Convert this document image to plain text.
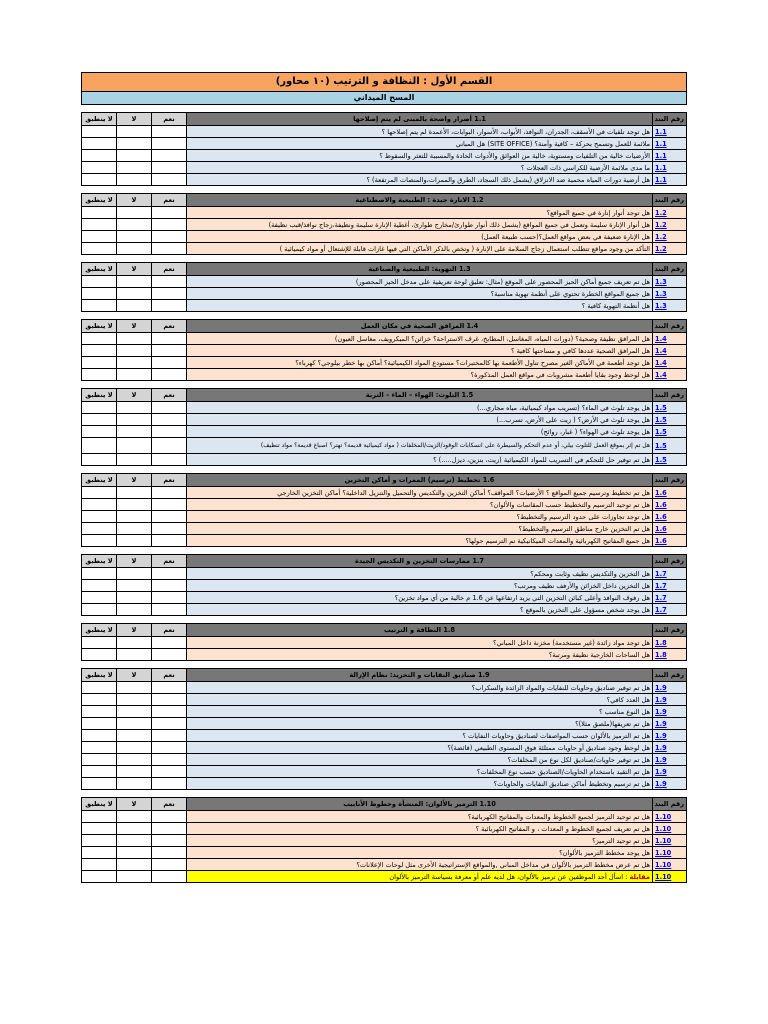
القسم الأول : النظافة و الترتيب (١٠ محاور)
المسح الميداني
لا ينطبق	لا	نعم	1.1 أضرار واضحة بالمبنى لم يتم إصلاحها	رقم البند
			هل توجد تلفيات في الأسقف، الجدران، النوافذ، الأبواب، الأسوار، البوابات، الأعمدة لم يتم إصلاحها ؟	1.1
			ملائمة للعمل وتسمح بحركة – كافية وآمنة؟ (SITE OFFICE) هل المباني	1.1
			الأرضيات خالية من التلفيات ومستوية، خالية من العوائق والأدوات الحادة والمسببة للتعثر والسقوط ؟	1.1
			ما مدى ملائمة الأرضية للكراسي ذات العجلات ؟	1.1
			هل أرضية دورات المياه محمية ضد الانزلاق (يشمل ذلك السجاد، الطرق والممرات،والمنصات المرتفعة) ؟	1.1
لا ينطبق	لا	نعم	1.2 الانارة جيدة : الطبيعية والاصطناعية	رقم البند
			هل توجد أنوار إنارة في جميع المواقع؟	1.2
			هل أنوار الإنارة سليمة وتعمل في جميع المواقع (يشمل ذلك أنوار طوارئ/مخارج طوارئ، أغطية الإنارة سليمة ونظيفة،زجاج نوافذ/قبب نظيفة)	1.2
			هل الإنارة ضعيفة في بعض مواقع العمل؟(حسب طبيعة العمل)	1.2
			التأكد من وجود مواقع تتطلب استعمال زجاج السلامة على الإنارة ( وتخص بالذكر الأماكن التي فيها غازات قابلة للإشتعال أو مواد كيميائية )	1.2
لا ينطبق	لا	نعم	1.3 التهوية: الطبيعية والصناعية	رقم البند
			هل تم تعريف جميع أماكن الحيز المحصور على الموقع (مثال: تعليق لوحة تعريفية على مدخل الحيز المحصور)	1.3
			هل جميع المواقع الخطرة تحتوي على أنظمة تهوية مناسبة؟	1.3
			هل أنظمة التهوية كافية ؟	1.3
لا ينطبق	لا	نعم	1.4 المرافق الصحية في مكان العمل	رقم البند
			هل المرافق نظيفة وصحية؟ (دورات المياه، المغاسل، المطابخ، غرف الاستراحة؟ خزائن؟ الميكرويف، مغاسل العيون)	1.4
			هل المرافق الصحية عددها كافي و مساحتها كافية ؟	1.4
			هل توجد أطعمة في الأماكن الغير مصرح تناول الأطعمة بها كالمختبرات؟ مستودع المواد الكيميائية؟ أماكن بها خطر بيلوجي؟ كهرباء؟	1.4
			هل لوحظ وجود بقايا أطعمة مشروبات في مواقع العمل المذكورة؟	1.4
لا ينطبق	لا	نعم	1.5 التلوث: الهواء – الماء – التربة	رقم البند
			هل يوجد تلوث في الماء؟ (تسريب مواد كيميائية، مياه مجاري...)	1.5
			هل يوجد تلوث في الأرض؟ ( زيت على الأرض، تسرب...)	1.5
			هل يوجد تلوث في الهواء؟ ( غبار، روائح)	1.5
			هل تم إثر بموقع العمل للتلوث بيلي، أو عدم التحكم والسيطرة على انسكابات الوقود/الزيت/المخلفات ( مواد كيميائية قديمة؟ تهتر؟ اصباغ قديمة؟ مواد تنظيف)	1.5
			هل تم توفير حل للتحكم في التسريب للمواد الكيميائية (زيت، بنزين، ديزل.....) ؟	1.5
لا ينطبق	لا	نعم	1.6 تخطيط (ترسيم) الممرات و أماكن التخزين	رقم البند
			هل تم تخطيط وترسيم جميع المواقع ؟ الأرضيات؟ المواقف؟ أماكن التخزين والتكديس والتحميل والتنزيل الداخلية؟ أماكن التخزين الخارجي	1.6
			هل تم توحيد الترسيم والتخطيط حسب المقاسات والألوان؟	1.6
			هل توجد تجاوزات على حدود الترسيم والتخطيط؟	1.6
			هل تم التخزين خارج مناطق الترسيم والتخطيط؟	1.6
			هل جميع المفاتيح الكهربائية والمعدات الميكانيكية تم الترسيم حولها؟	1.6
لا ينطبق	لا	نعم	1.7 ممارسات التخزين و التكديس الجيدة	رقم البند
			هل التخزين والتكديس نظيف وثابت ومحكم؟	1.7
			هل التخزين داخل الخزائن والأرفف نظيف ومرتب؟	1.7
			هل رفوف النوافذ وأعلى كبائن التخزين التي يزيد ارتفاعها عن 1.6 م خالية من أي مواد تخزين؟	1.7
			هل يوجد شخص مسؤول على التخزين بالموقع ؟	1.7
لا ينطبق	لا	نعم	1.8 النظافة و الترتيب	رقم البند
			هل توجد مواد زائدة (غير مستخدمة) مخزنة داخل المباني؟	1.8
			هل الساحات الخارجية نظيفة ومرتبة؟	1.8
لا ينطبق	لا	نعم	1.9 صناديق النفايات و التخريد: نظام الإزالة	رقم البند
			هل تم توفير صناديق وحاويات للنفايات والمواد الزائدة والسكراب؟	1.9
			هل العدد كافي؟	1.9
			هل النوع مناسب ؟	1.9
			هل تم تعريفها(ملصق مثلا)؟	1.9
			هل تم الترميز بالألوان حسب المواصفات لصناديق وحاويات النفايات ؟	1.9
			هل لوحظ وجود صناديق أو حاويات ممتلئة فوق المستوى الطبيعي (فائضة)؟	1.9
			هل تم توفير حاويات/صناديق لكل نوع من المخلفات؟	1.9
			هل تم التقيد باستخدام الحاويات/الصناديق حسب نوع المخلفات؟	1.9
			هل تم ترسيم وتخطيط أماكن صناديق النفايات والحاويات؟	1.9
لا ينطبق	لا	نعم	1.10 الترميز بالألوان: المنشأة وخطوط الأنابيب	رقم البند
			هل تم توحيد الترميز لجميع الخطوط والمعدات والمفاتيح الكهربائية؟	1.10
			هل تم تعريف لجميع الخطوط و المعدات ، و المفاتيح الكهربائية ؟	1.10
			هل تم توحيد الترميز؟	1.10
			هل يوجد مخطط الترميز بالألوان؟	1.10
			هل تم عرض مخطط الترميز بالألوان في مداخل المباني ,والمواقع الإستراتيجية الأخرى مثل لوحات الإعلانات؟	1.10
			مقابلة : اسأل أحد الموظفين عن ترميز بالألوان، هل لديه علم أو معرفة بسياسة الترميز بالألوان	1.10
